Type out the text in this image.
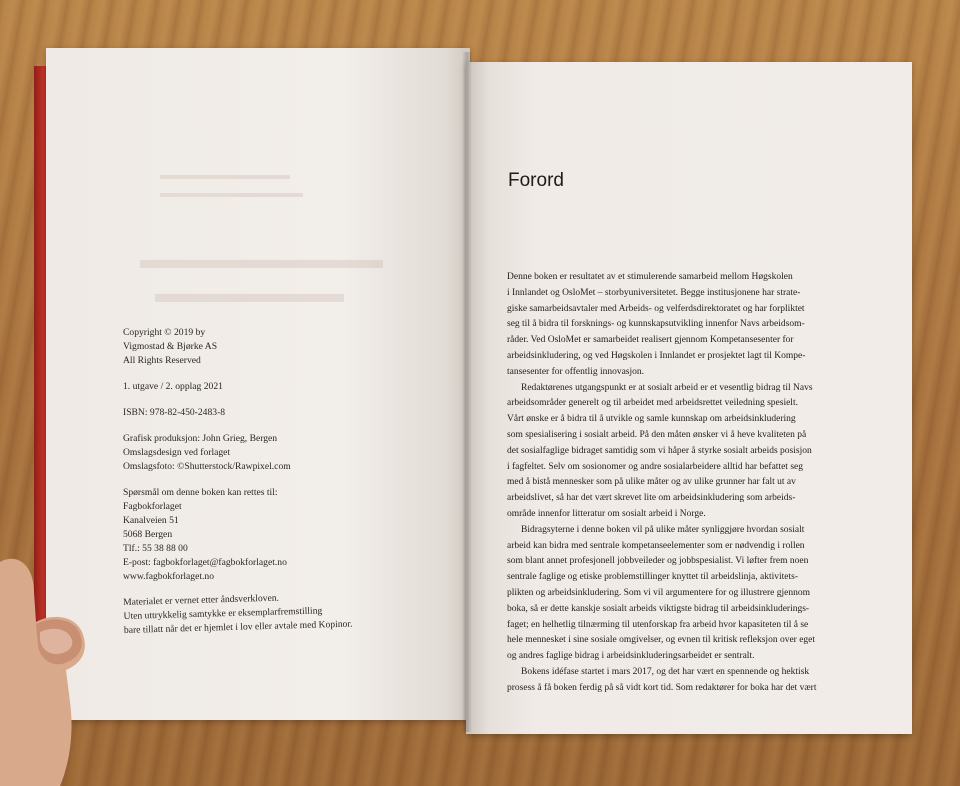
▬▬▬▬▬▬▬▬▬▬
▬▬▬▬▬▬▬▬▬▬▬
▬▬▬▬▬▬▬▬▬
▬▬▬▬▬▬▬
Copyright © 2019 by
Vigmostad & Bjørke AS
All Rights Reserved
1. utgave / 2. opplag 2021
ISBN: 978-82-450-2483-8
Grafisk produksjon: John Grieg, Bergen
Omslagsdesign ved forlaget
Omslagsfoto: ©Shutterstock/Rawpixel.com
Spørsmål om denne boken kan rettes til:
Fagbokforlaget
Kanalveien 51
5068 Bergen
Tlf.: 55 38 88 00
E-post: fagbokforlaget@fagbokforlaget.no
www.fagbokforlaget.no
Materialet er vernet etter åndsverkloven.
Uten uttrykkelig samtykke er eksemplarfremstilling
bare tillatt når det er hjemlet i lov eller avtale med Kopinor.
Forord
Denne boken er resultatet av et stimulerende samarbeid mellom Høgskolen
i Innlandet og OsloMet – storbyuniversitetet. Begge institusjonene har strate-
giske samarbeidsavtaler med Arbeids- og velferdsdirektoratet og har forpliktet
seg til å bidra til forsknings- og kunnskapsutvikling innenfor Navs arbeidsom-
råder. Ved OsloMet er samarbeidet realisert gjennom Kompetansesenter for
arbeidsinkludering, og ved Høgskolen i Innlandet er prosjektet lagt til Kompe-
tansesenter for offentlig innovasjon.
Redaktørenes utgangspunkt er at sosialt arbeid er et vesentlig bidrag til Navs
arbeidsområder generelt og til arbeidet med arbeidsrettet veiledning spesielt.
Vårt ønske er å bidra til å utvikle og samle kunnskap om arbeidsinkludering
som spesialisering i sosialt arbeid. På den måten ønsker vi å heve kvaliteten på
det sosialfaglige bidraget samtidig som vi håper å styrke sosialt arbeids posisjon
i fagfeltet. Selv om sosionomer og andre sosialarbeidere alltid har befattet seg
med å bistå mennesker som på ulike måter og av ulike grunner har falt ut av
arbeidslivet, så har det vært skrevet lite om arbeidsinkludering som arbeids-
område innenfor litteratur om sosialt arbeid i Norge.
Bidragsyterne i denne boken vil på ulike måter synliggjøre hvordan sosialt
arbeid kan bidra med sentrale kompetanseelementer som er nødvendig i rollen
som blant annet profesjonell jobbveileder og jobbspesialist. Vi løfter frem noen
sentrale faglige og etiske problemstillinger knyttet til arbeidslinja, aktivitets-
plikten og arbeidsinkludering. Som vi vil argumentere for og illustrere gjennom
boka, så er dette kanskje sosialt arbeids viktigste bidrag til arbeidsinkluderings-
faget; en helhetlig tilnærming til utenforskap fra arbeid hvor kapasiteten til å se
hele mennesket i sine sosiale omgivelser, og evnen til kritisk refleksjon over eget
og andres faglige bidrag i arbeidsinkluderingsarbeidet er sentralt.
Bokens idéfase startet i mars 2017, og det har vært en spennende og hektisk
prosess å få boken ferdig på så vidt kort tid. Som redaktører for boka har det vært
